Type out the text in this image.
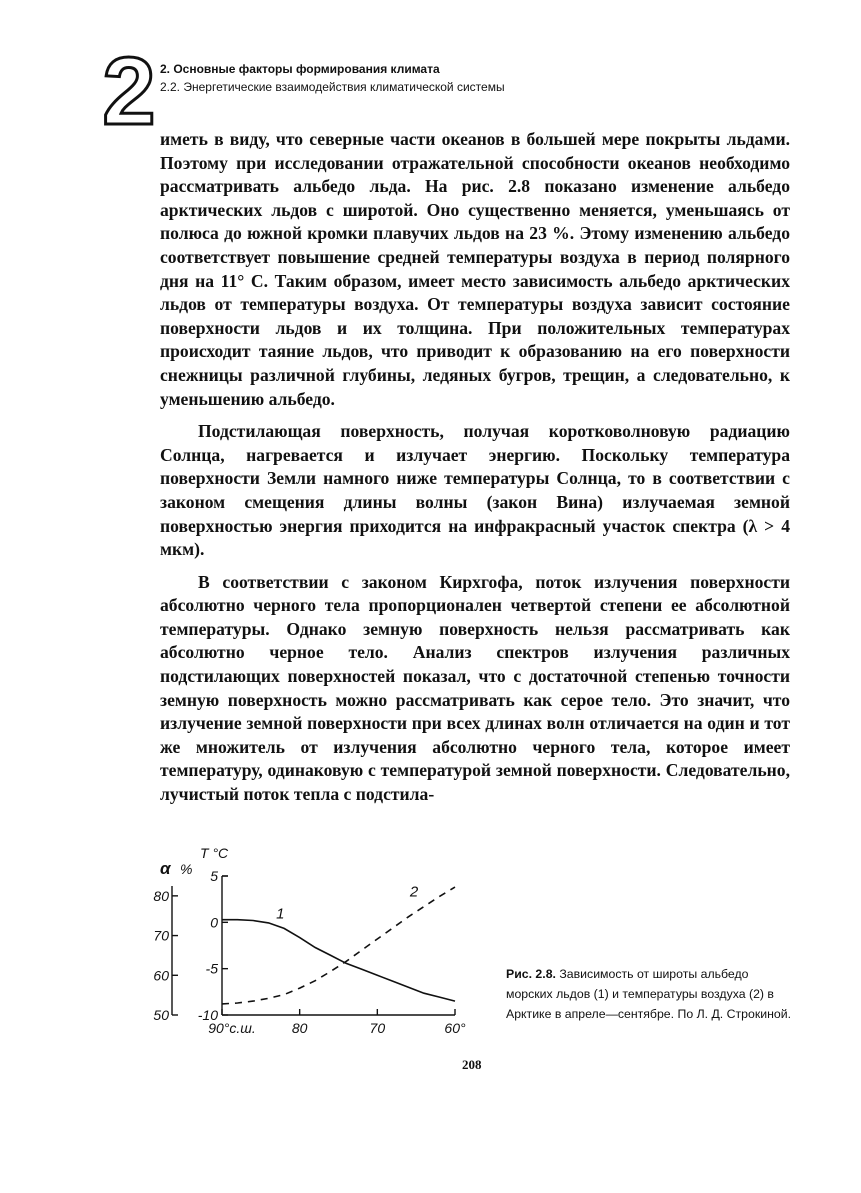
2 2. Основные факторы формирования климата
2.2. Энергетические взаимодействия климатической системы

иметь в виду, что северные части океанов в большей мере покрыты льдами. Поэтому при исследовании отражательной способности океанов необходимо рассматривать альбедо льда. На рис. 2.8 показано изменение альбедо арктических льдов с широтой. Оно существенно меняется, уменьшаясь от полюса до южной кромки плавучих льдов на 23 %. Этому изменению альбедо соответствует повышение средней температуры воздуха в период полярного дня на 11° С. Таким образом, имеет место зависимость альбедо арктических льдов от температуры воздуха. От температуры воздуха зависит состояние поверхности льдов и их толщина. При положительных температурах происходит таяние льдов, что приводит к образованию на его поверхности снежницы различной глубины, ледяных бугров, трещин, а следовательно, к уменьшению альбедо.

Подстилающая поверхность, получая коротковолновую радиацию Солнца, нагревается и излучает энергию. Поскольку температура поверхности Земли намного ниже температуры Солнца, то в соответствии с законом смещения длины волны (закон Вина) излучаемая земной поверхностью энергия приходится на инфракрасный участок спектра (λ > 4 мкм).

В соответствии с законом Кирхгофа, поток излучения поверхности абсолютно черного тела пропорционален четвертой степени ее абсолютной температуры. Однако земную поверхность нельзя рассматривать как абсолютно черное тело. Анализ спектров излучения различных подстилающих поверхностей показал, что с достаточной степенью точности земную поверхность можно рассматривать как серое тело. Это значит, что излучение земной поверхности при всех длинах волн отличается на один и тот же множитель от излучения абсолютно черного тела, которое имеет температуру, одинаковую с температурой земной поверхности. Следовательно, лучистый поток тепла с подстила-

80
70
60
50
5
0
-5
-10
90°с.ш.	80	70	60°
α %
T °C
1
2
Рис. 2.8. Зависимость от широты альбедо морских льдов (1) и температуры воздуха (2) в Арктике в апреле—сентябре. По Л. Д. Строкиной.
208
